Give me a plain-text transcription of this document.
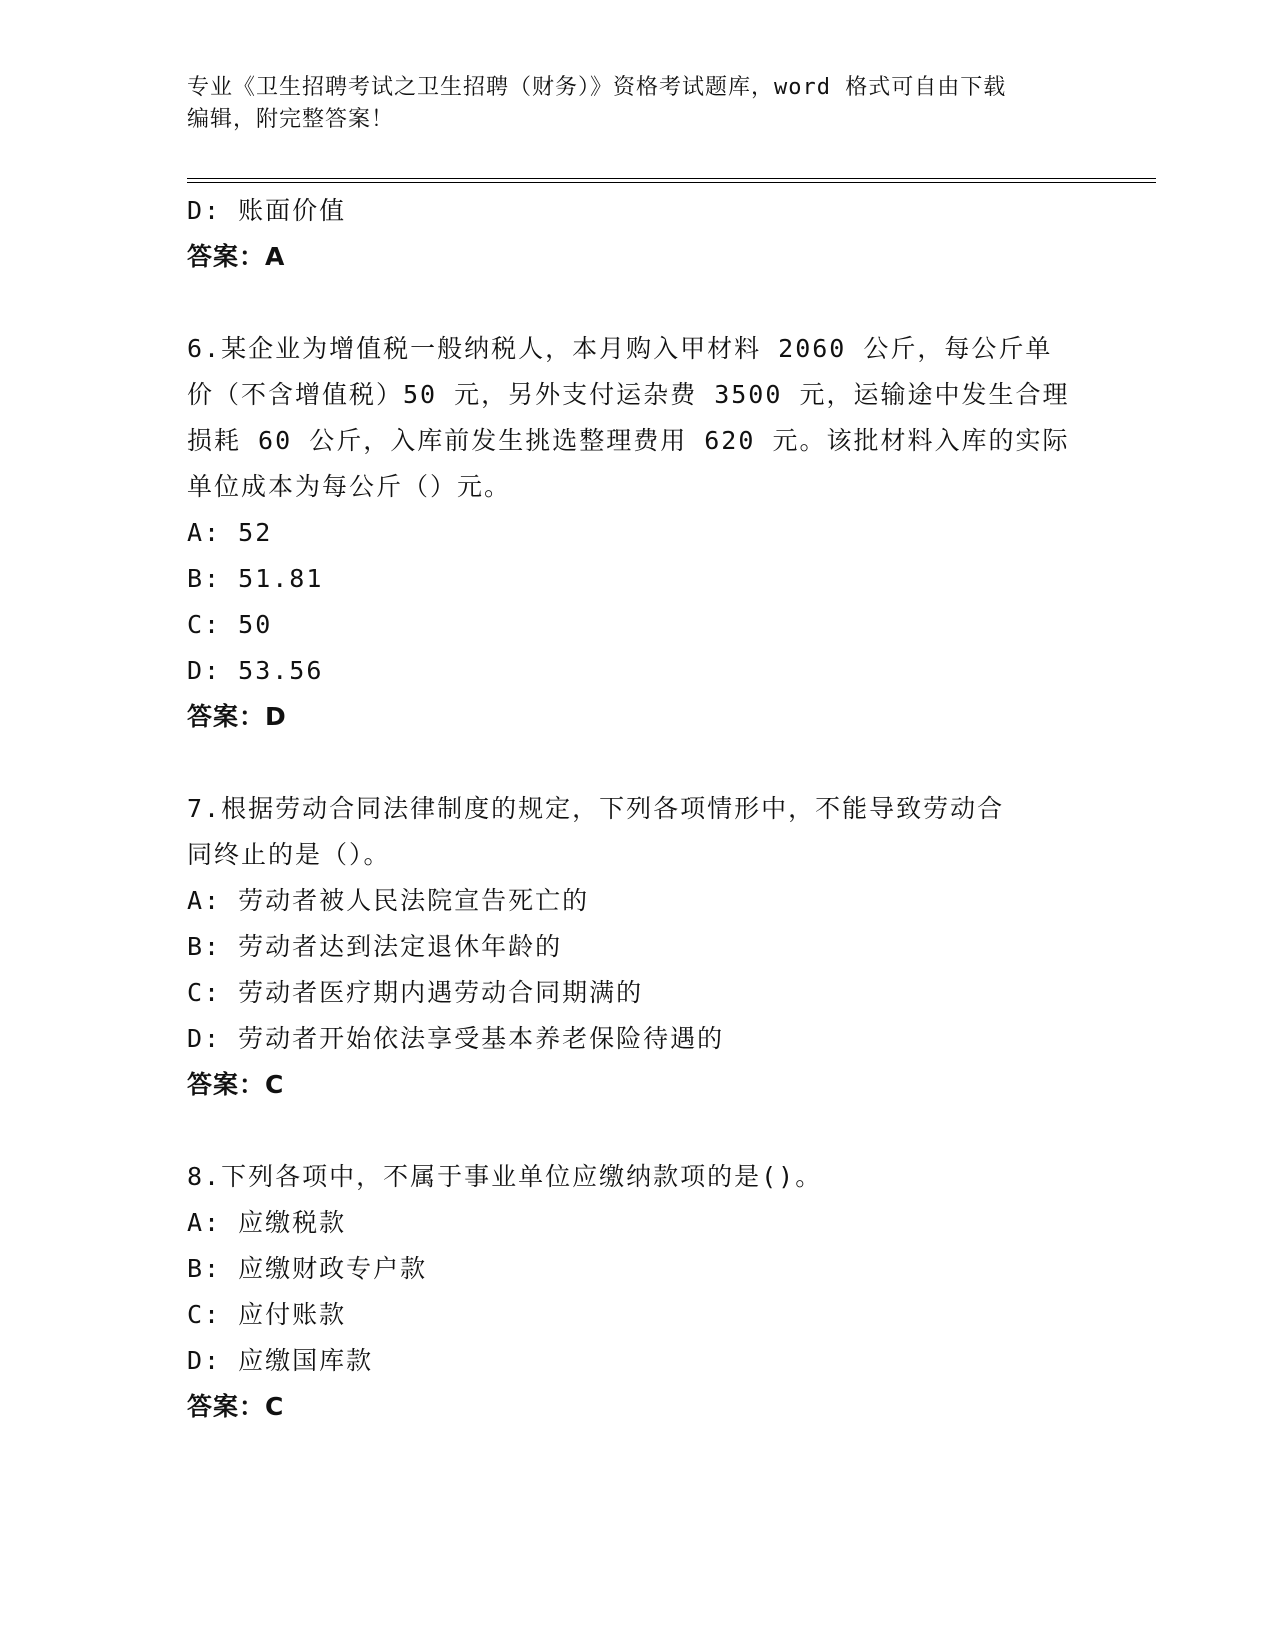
专业《卫生招聘考试之卫生招聘（财务）》资格考试题库，word 格式可自由下载
编辑，附完整答案！
D: 账面价值
答案：A
6.某企业为增值税一般纳税人，本月购入甲材料 2060 公斤，每公斤单
价（不含增值税）50 元，另外支付运杂费 3500 元，运输途中发生合理
损耗 60 公斤，入库前发生挑选整理费用 620 元。该批材料入库的实际
单位成本为每公斤（）元。
A: 52
B: 51.81
C: 50
D: 53.56
答案：D
7.根据劳动合同法律制度的规定，下列各项情形中，不能导致劳动合
同终止的是（）。
A: 劳动者被人民法院宣告死亡的
B: 劳动者达到法定退休年龄的
C: 劳动者医疗期内遇劳动合同期满的
D: 劳动者开始依法享受基本养老保险待遇的
答案：C
8.下列各项中，不属于事业单位应缴纳款项的是()。
A: 应缴税款
B: 应缴财政专户款
C: 应付账款
D: 应缴国库款
答案：C
